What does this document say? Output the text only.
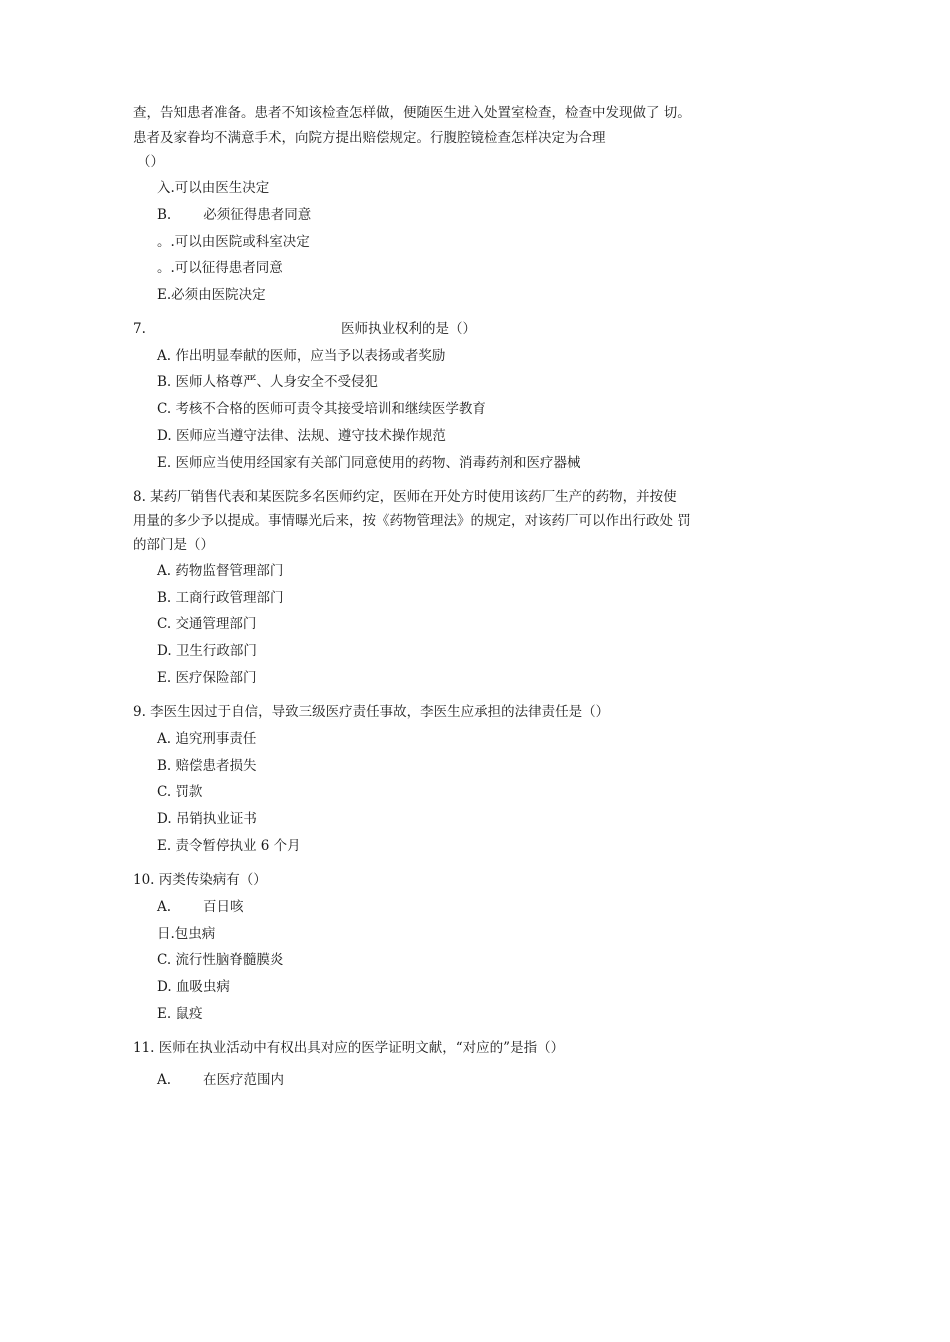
查，告知患者准备。患者不知该检查怎样做，便随医生进入处置室检查，检查中发现做了 切。
患者及家眷均不满意手术，向院方提出赔偿规定。行腹腔镜检查怎样决定为合理
（）
入.可以由医生决定
B. 必须征得患者同意
。.可以由医院或科室决定
。.可以征得患者同意
E.必须由医院决定
7.	医师执业权利的是（）
A. 作出明显奉献的医师，应当予以表扬或者奖励
B. 医师人格尊严、人身安全不受侵犯
C. 考核不合格的医师可责令其接受培训和继续医学教育
D. 医师应当遵守法律、法规、遵守技术操作规范
E. 医师应当使用经国家有关部门同意使用的药物、消毒药剂和医疗器械
8. 某药厂销售代表和某医院多名医师约定，医师在开处方时使用该药厂生产的药物，并按使
用量的多少予以提成。事情曝光后来，按《药物管理法》的规定，对该药厂可以作出行政处 罚
的部门是（）
A. 药物监督管理部门
B. 工商行政管理部门
C. 交通管理部门
D. 卫生行政部门
E. 医疗保险部门
9. 李医生因过于自信，导致三级医疗责任事故，李医生应承担的法律责任是（）
A. 追究刑事责任
B. 赔偿患者损失
C. 罚款
D. 吊销执业证书
E. 责令暂停执业 6 个月
10. 丙类传染病有（）
A. 百日咳
日.包虫病
C. 流行性脑脊髓膜炎
D. 血吸虫病
E. 鼠疫
11. 医师在执业活动中有权出具对应的医学证明文献，“对应的”是指（）
A. 在医疗范围内
